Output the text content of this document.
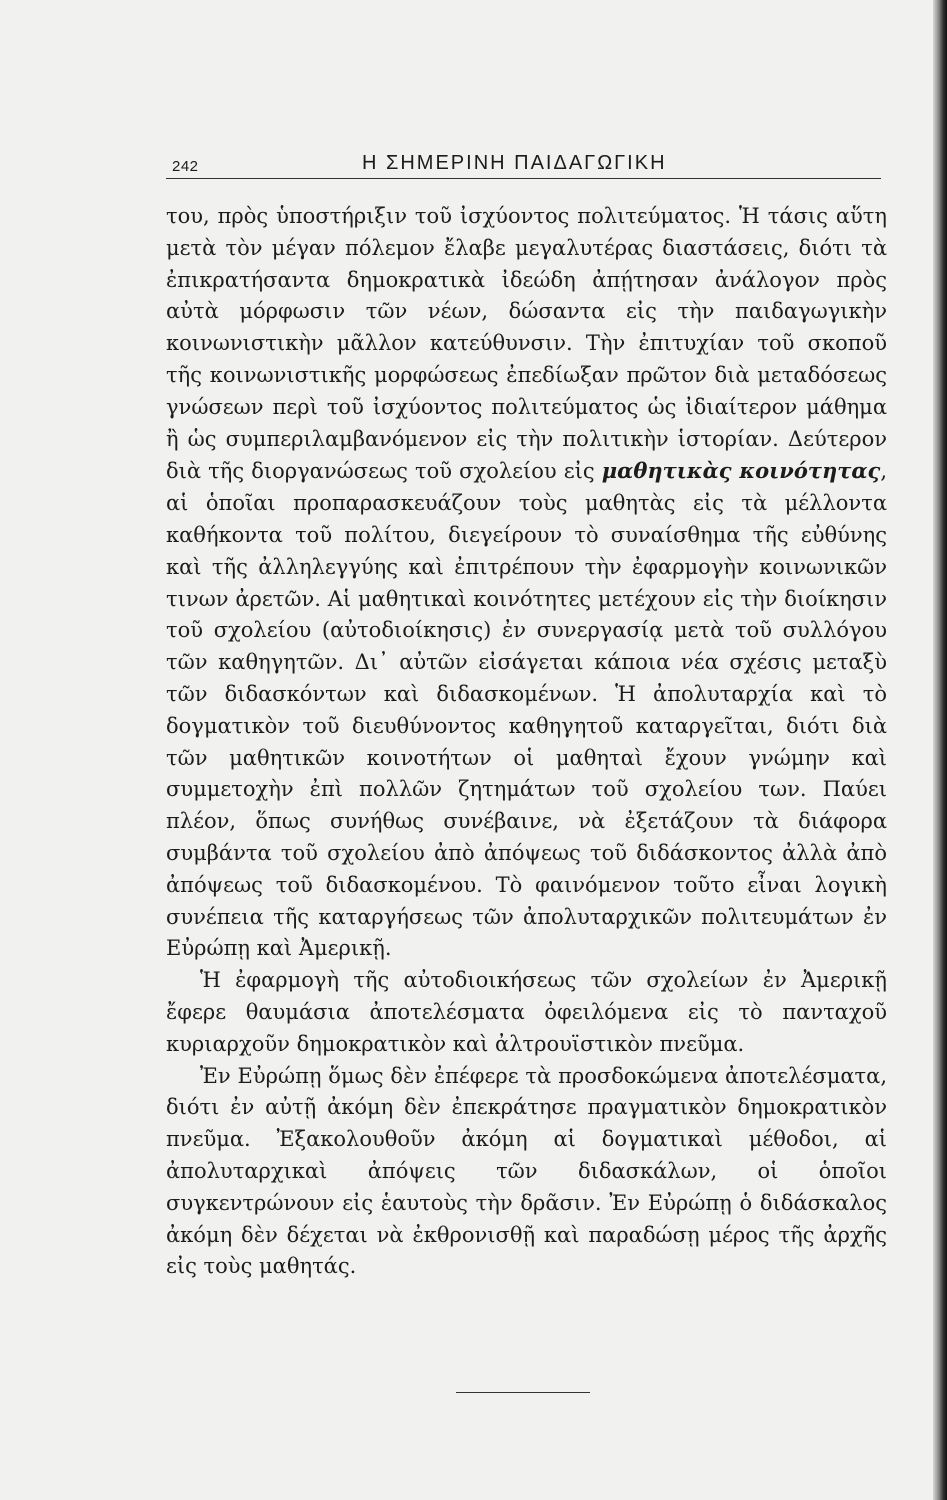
242	Η ΣΗΜΕΡΙΝΗ ΠΑΙΔΑΓΩΓΙΚΗ

του, πρὸς ὑποστήριξιν τοῦ ἰσχύοντος πολιτεύματος. Ἡ τάσις αὕτη μετὰ τὸν μέγαν πόλεμον ἔλαβε μεγαλυτέρας διαστάσεις, διότι τὰ ἐπικρατήσαντα δημοκρατικὰ ἰδεώδη ἀπῄτησαν ἀνάλογον πρὸς αὐτὰ μόρφωσιν τῶν νέων, δώσαντα εἰς τὴν παιδαγωγικὴν κοινωνιστικὴν μᾶλλον κατεύθυνσιν. Τὴν ἐπιτυχίαν τοῦ σκοποῦ τῆς κοινωνιστικῆς μορφώσεως ἐπεδίωξαν πρῶτον διὰ μεταδόσεως γνώσεων περὶ τοῦ ἰσχύοντος πολιτεύματος ὡς ἰδιαίτερον μάθημα ἢ ὡς συμπεριλαμβανόμενον εἰς τὴν πολιτικὴν ἱστορίαν. Δεύτερον διὰ τῆς διοργανώσεως τοῦ σχολείου εἰς μαθητικὰς κοινότητας, αἱ ὁποῖαι προπαρασκευάζουν τοὺς μαθητὰς εἰς τὰ μέλλοντα καθήκοντα τοῦ πολίτου, διεγείρουν τὸ συναίσθημα τῆς εὐθύνης καὶ τῆς ἀλληλεγγύης καὶ ἐπιτρέπουν τὴν ἐφαρμογὴν κοινωνικῶν τινων ἀρετῶν. Αἱ μαθητικαὶ κοινότητες μετέχουν εἰς τὴν διοίκησιν τοῦ σχολείου (αὐτοδιοίκησις) ἐν συνεργασίᾳ μετὰ τοῦ συλλόγου τῶν καθηγητῶν. Δι᾿ αὐτῶν εἰσάγεται κάποια νέα σχέσις μεταξὺ τῶν διδασκόντων καὶ διδασκομένων. Ἡ ἀπολυταρχία καὶ τὸ δογματικὸν τοῦ διευθύνοντος καθηγητοῦ καταργεῖται, διότι διὰ τῶν μαθητικῶν κοινοτήτων οἱ μαθηταὶ ἔχουν γνώμην καὶ συμμετοχὴν ἐπὶ πολλῶν ζητημάτων τοῦ σχολείου των. Παύει πλέον, ὅπως συνήθως συνέβαινε, νὰ ἐξετάζουν τὰ διάφορα συμβάντα τοῦ σχολείου ἀπὸ ἀπόψεως τοῦ διδάσκοντος ἀλλὰ ἀπὸ ἀπόψεως τοῦ διδασκομένου. Τὸ φαινόμενον τοῦτο εἶναι λογικὴ συνέπεια τῆς καταργήσεως τῶν ἀπολυταρχικῶν πολιτευμάτων ἐν Εὐρώπῃ καὶ Ἀμερικῇ.

Ἡ ἐφαρμογὴ τῆς αὐτοδιοικήσεως τῶν σχολείων ἐν Ἀμερικῇ ἔφερε θαυμάσια ἀποτελέσματα ὀφειλόμενα εἰς τὸ πανταχοῦ κυριαρχοῦν δημοκρατικὸν καὶ ἀλτρουϊστικὸν πνεῦμα.

Ἐν Εὐρώπῃ ὅμως δὲν ἐπέφερε τὰ προσδοκώμενα ἀποτελέσματα, διότι ἐν αὐτῇ ἀκόμη δὲν ἐπεκράτησε πραγματικὸν δημοκρατικὸν πνεῦμα. Ἐξακολουθοῦν ἀκόμη αἱ δογματικαὶ μέθοδοι, αἱ ἀπολυταρχικαὶ ἀπόψεις τῶν διδασκάλων, οἱ ὁποῖοι συγκεντρώνουν εἰς ἑαυτοὺς τὴν δρᾶσιν. Ἐν Εὐρώπῃ ὁ διδάσκαλος ἀκόμη δὲν δέχεται νὰ ἐκθρονισθῇ καὶ παραδώσῃ μέρος τῆς ἀρχῆς εἰς τοὺς μαθητάς.
